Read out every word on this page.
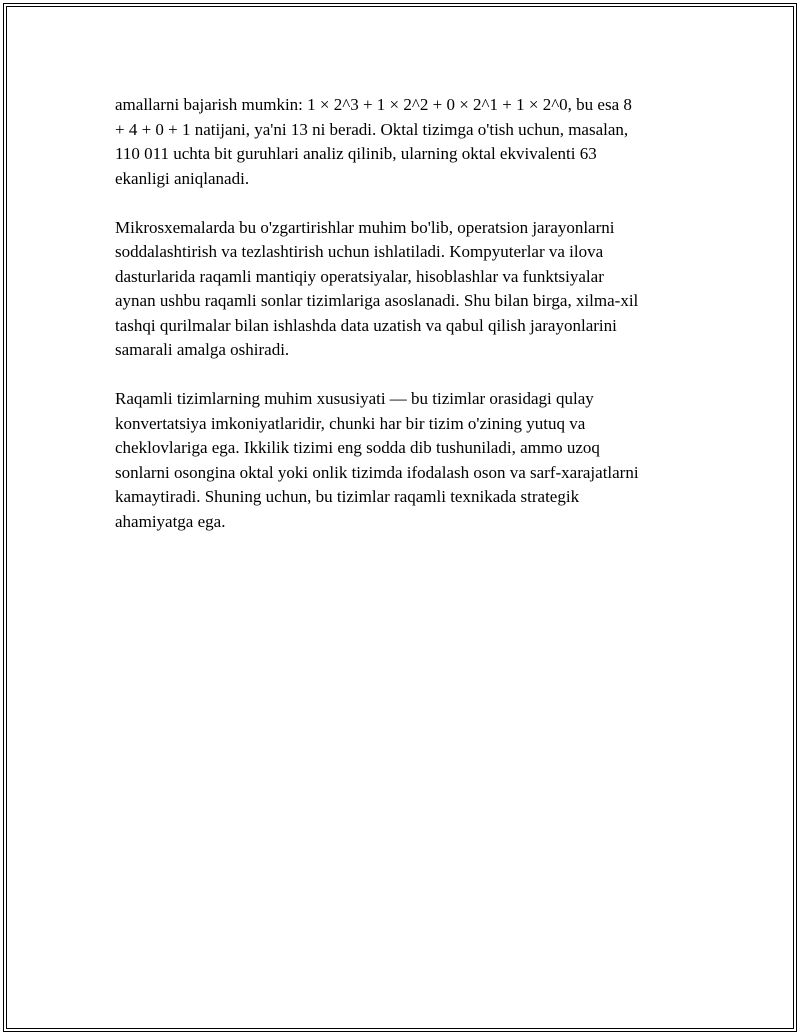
amallarni bajarish mumkin: 1 × 2^3 + 1 × 2^2 + 0 × 2^1 + 1 × 2^0, bu esa 8
+ 4 + 0 + 1 natijani, ya'ni 13 ni beradi. Oktal tizimga o'tish uchun, masalan,
110 011 uchta bit guruhlari analiz qilinib, ularning oktal ekvivalenti 63
ekanligi aniqlanadi.

Mikrosxemalarda bu o'zgartirishlar muhim bo'lib, operatsion jarayonlarni
soddalashtirish va tezlashtirish uchun ishlatiladi. Kompyuterlar va ilova
dasturlarida raqamli mantiqiy operatsiyalar, hisoblashlar va funktsiyalar
aynan ushbu raqamli sonlar tizimlariga asoslanadi. Shu bilan birga, xilma-xil
tashqi qurilmalar bilan ishlashda data uzatish va qabul qilish jarayonlarini
samarali amalga oshiradi.

Raqamli tizimlarning muhim xususiyati — bu tizimlar orasidagi qulay
konvertatsiya imkoniyatlaridir, chunki har bir tizim o'zining yutuq va
cheklovlariga ega. Ikkilik tizimi eng sodda dib tushuniladi, ammo uzoq
sonlarni osongina oktal yoki onlik tizimda ifodalash oson va sarf-xarajatlarni
kamaytiradi. Shuning uchun, bu tizimlar raqamli texnikada strategik
ahamiyatga ega.
